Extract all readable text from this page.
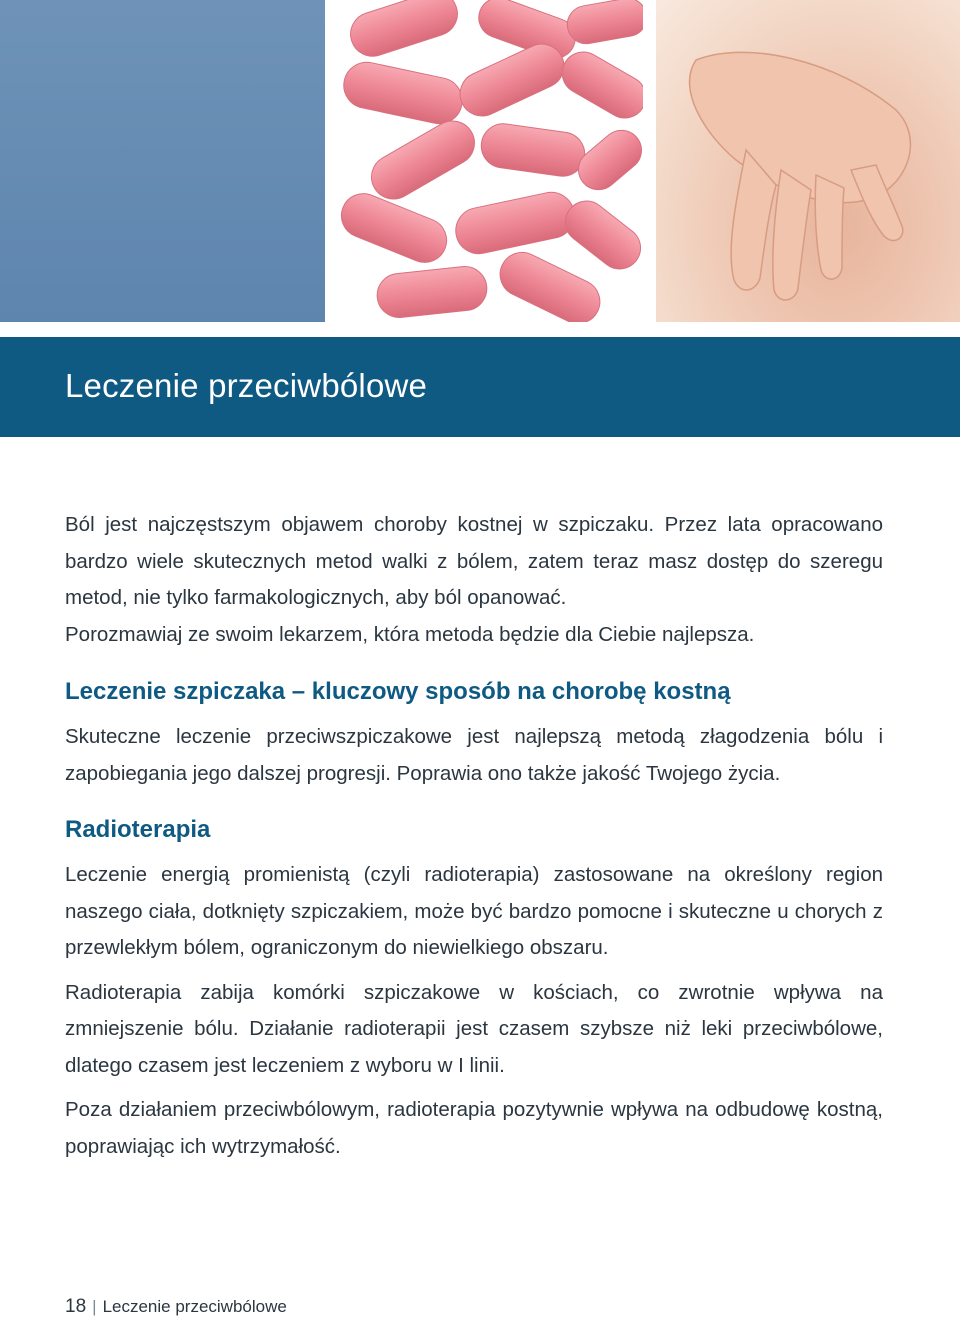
Leczenie przeciwbólowe

Ból jest najczęstszym objawem choroby kostnej w szpiczaku. Przez lata opracowano bardzo wiele skutecznych metod walki z bólem, zatem teraz masz dostęp do szeregu metod, nie tylko farmakologicznych, aby ból opanować.

Porozmawiaj ze swoim lekarzem, która metoda będzie dla Ciebie najlepsza.

Leczenie szpiczaka – kluczowy sposób na chorobę kostną

Skuteczne leczenie przeciwszpiczakowe jest najlepszą metodą złagodzenia bólu i zapobiegania jego dalszej progresji. Poprawia ono także jakość Twojego życia.

Radioterapia

Leczenie energią promienistą (czyli radioterapia) zastosowane na określony region naszego ciała, dotknięty szpiczakiem, może być bardzo pomocne i skuteczne u chorych z przewlekłym bólem, ograniczonym do niewielkiego obszaru.

Radioterapia zabija komórki szpiczakowe w kościach, co zwrotnie wpływa na zmniejszenie bólu. Działanie radioterapii jest czasem szybsze niż leki przeciwbólowe, dlatego czasem jest leczeniem z wyboru w I linii.

Poza działaniem przeciwbólowym, radioterapia pozytywnie wpływa na odbudowę kostną, poprawiając ich wytrzymałość.

18 | Leczenie przeciwbólowe
